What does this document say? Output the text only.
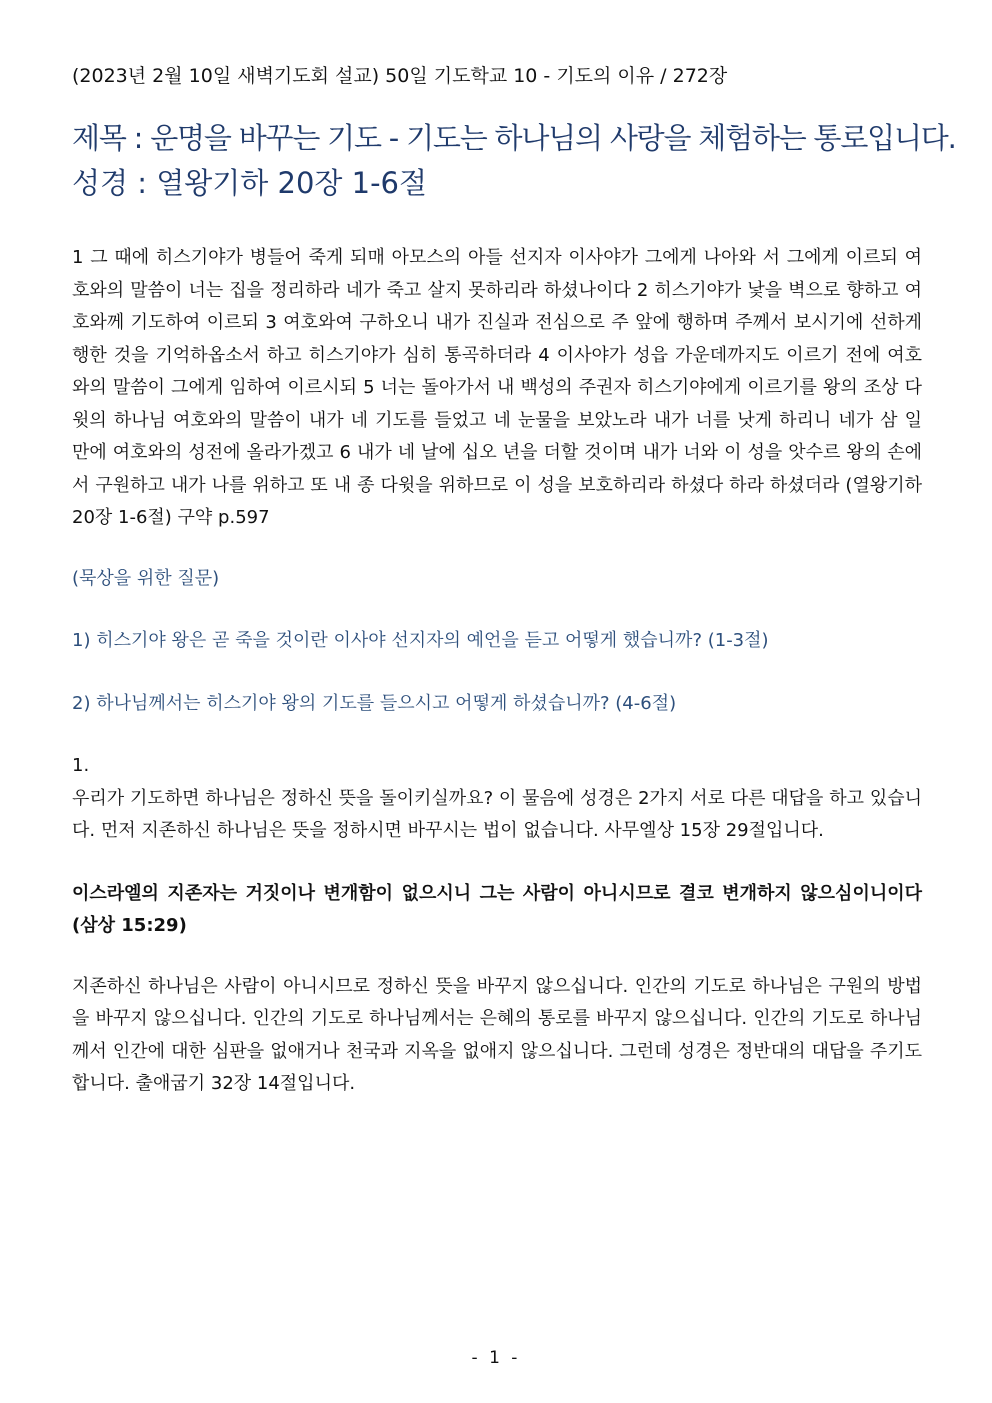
(2023년 2월 10일 새벽기도회 설교) 50일 기도학교 10 - 기도의 이유 / 272장

제목 : 운명을 바꾸는 기도 - 기도는 하나님의 사랑을 체험하는 통로입니다.

성경 : 열왕기하 20장 1-6절

1 그 때에 히스기야가 병들어 죽게 되매 아모스의 아들 선지자 이사야가 그에게 나아와 서 그에게 이르되 여호와의 말씀이 너는 집을 정리하라 네가 죽고 살지 못하리라 하셨나이다 2 히스기야가 낯을 벽으로 향하고 여호와께 기도하여 이르되 3 여호와여 구하오니 내가 진실과 전심으로 주 앞에 행하며 주께서 보시기에 선하게 행한 것을 기억하옵소서 하고 히스기야가 심히 통곡하더라 4 이사야가 성읍 가운데까지도 이르기 전에 여호와의 말씀이 그에게 임하여 이르시되 5 너는 돌아가서 내 백성의 주권자 히스기야에게 이르기를 왕의 조상 다윗의 하나님 여호와의 말씀이 내가 네 기도를 들었고 네 눈물을 보았노라 내가 너를 낫게 하리니 네가 삼 일 만에 여호와의 성전에 올라가겠고 6 내가 네 날에 십오 년을 더할 것이며 내가 너와 이 성을 앗수르 왕의 손에서 구원하고 내가 나를 위하고 또 내 종 다윗을 위하므로 이 성을 보호하리라 하셨다 하라 하셨더라 (열왕기하 20장 1-6절) 구약 p.597

(묵상을 위한 질문)

1) 히스기야 왕은 곧 죽을 것이란 이사야 선지자의 예언을 듣고 어떻게 했습니까? (1-3절)

2) 하나님께서는 히스기야 왕의 기도를 들으시고 어떻게 하셨습니까? (4-6절)

1.

우리가 기도하면 하나님은 정하신 뜻을 돌이키실까요? 이 물음에 성경은 2가지 서로 다른 대답을 하고 있습니다. 먼저 지존하신 하나님은 뜻을 정하시면 바꾸시는 법이 없습니다. 사무엘상 15장 29절입니다.

이스라엘의 지존자는 거짓이나 변개함이 없으시니 그는 사람이 아니시므로 결코 변개하지 않으심이니이다 (삼상 15:29)

지존하신 하나님은 사람이 아니시므로 정하신 뜻을 바꾸지 않으십니다. 인간의 기도로 하나님은 구원의 방법을 바꾸지 않으십니다. 인간의 기도로 하나님께서는 은혜의 통로를 바꾸지 않으십니다. 인간의 기도로 하나님께서 인간에 대한 심판을 없애거나 천국과 지옥을 없애지 않으십니다. 그런데 성경은 정반대의 대답을 주기도 합니다. 출애굽기 32장 14절입니다.

- 1 -
